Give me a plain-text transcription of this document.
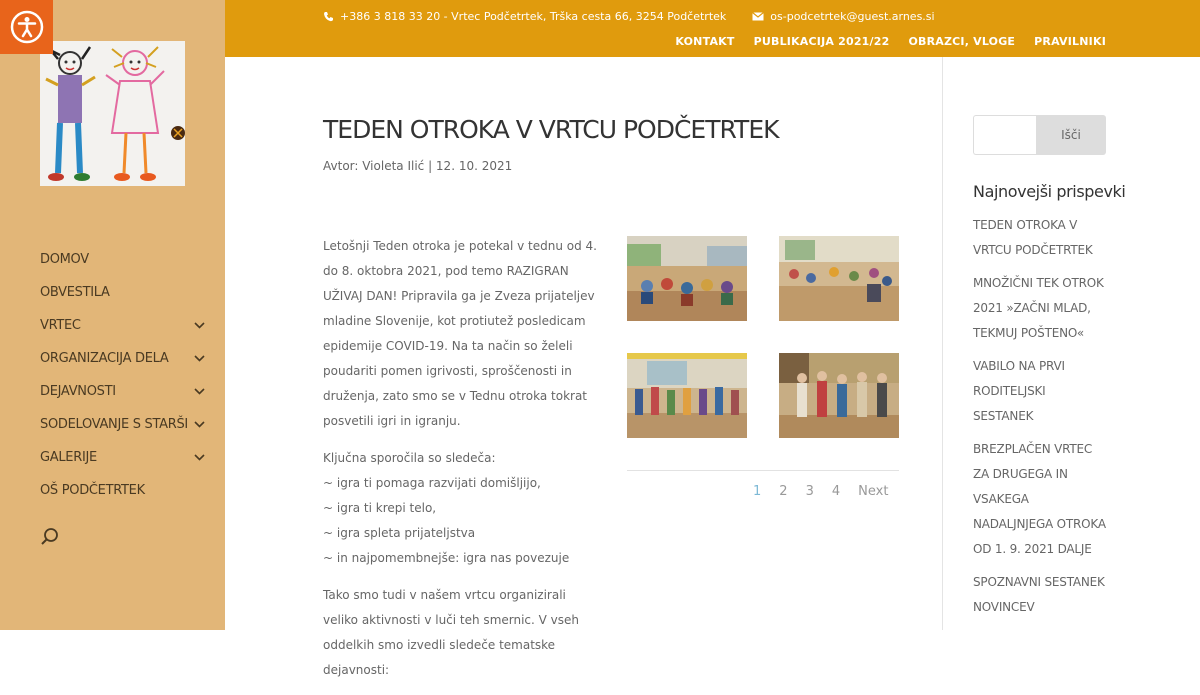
DOMOV
OBVESTILA
VRTEC
ORGANIZACIJA DELA
DEJAVNOSTI
SODELOVANJE S STARŠI
GALERIJE
OŠ PODČETRTEK
+386 3 818 33 20 - Vrtec Podčetrtek, Trška cesta 66, 3254 Podčetrtek	os-podcetrtek@guest.arnes.si
KONTAKT PUBLIKACIJA 2021/22 OBRAZCI, VLOGE PRAVILNIKI
TEDEN OTROKA V VRTCU PODČETRTEK
Avtor: Violeta Ilić | 12. 10. 2021

Letošnji Teden otroka je potekal v tednu od 4. do 8. oktobra 2021, pod temo RAZIGRAN UŽIVAJ DAN! Pripravila ga je Zveza prijateljev mladine Slovenije, kot protiutež posledicam epidemije COVID-19. Na ta način so želeli poudariti pomen igrivosti, sproščenosti in druženja, zato smo se v Tednu otroka tokrat posvetili igri in igranju.

Ključna sporočila so sledeča:
~ igra ti pomaga razvijati domišljijo,
~ igra ti krepi telo,
~ igra spleta prijateljstva
~ in najpomembnejše: igra nas povezuje

Tako smo tudi v našem vrtcu organizirali veliko aktivnosti v luči teh smernic. V vseh oddelkih smo izvedli sledeče tematske dejavnosti:

1 2 3 4 Next
Išči
Najnovejši prispevki
TEDEN OTROKA V VRTCU PODČETRTEK
MNOŽIČNI TEK OTROK 2021 »ZAČNI MLAD, TEKMUJ POŠTENO«
VABILO NA PRVI RODITELJSKI SESTANEK
BREZPLAČEN VRTEC ZA DRUGEGA IN VSAKEGA NADALJNJEGA OTROKA OD 1. 9. 2021 DALJE
SPOZNAVNI SESTANEK NOVINCEV
